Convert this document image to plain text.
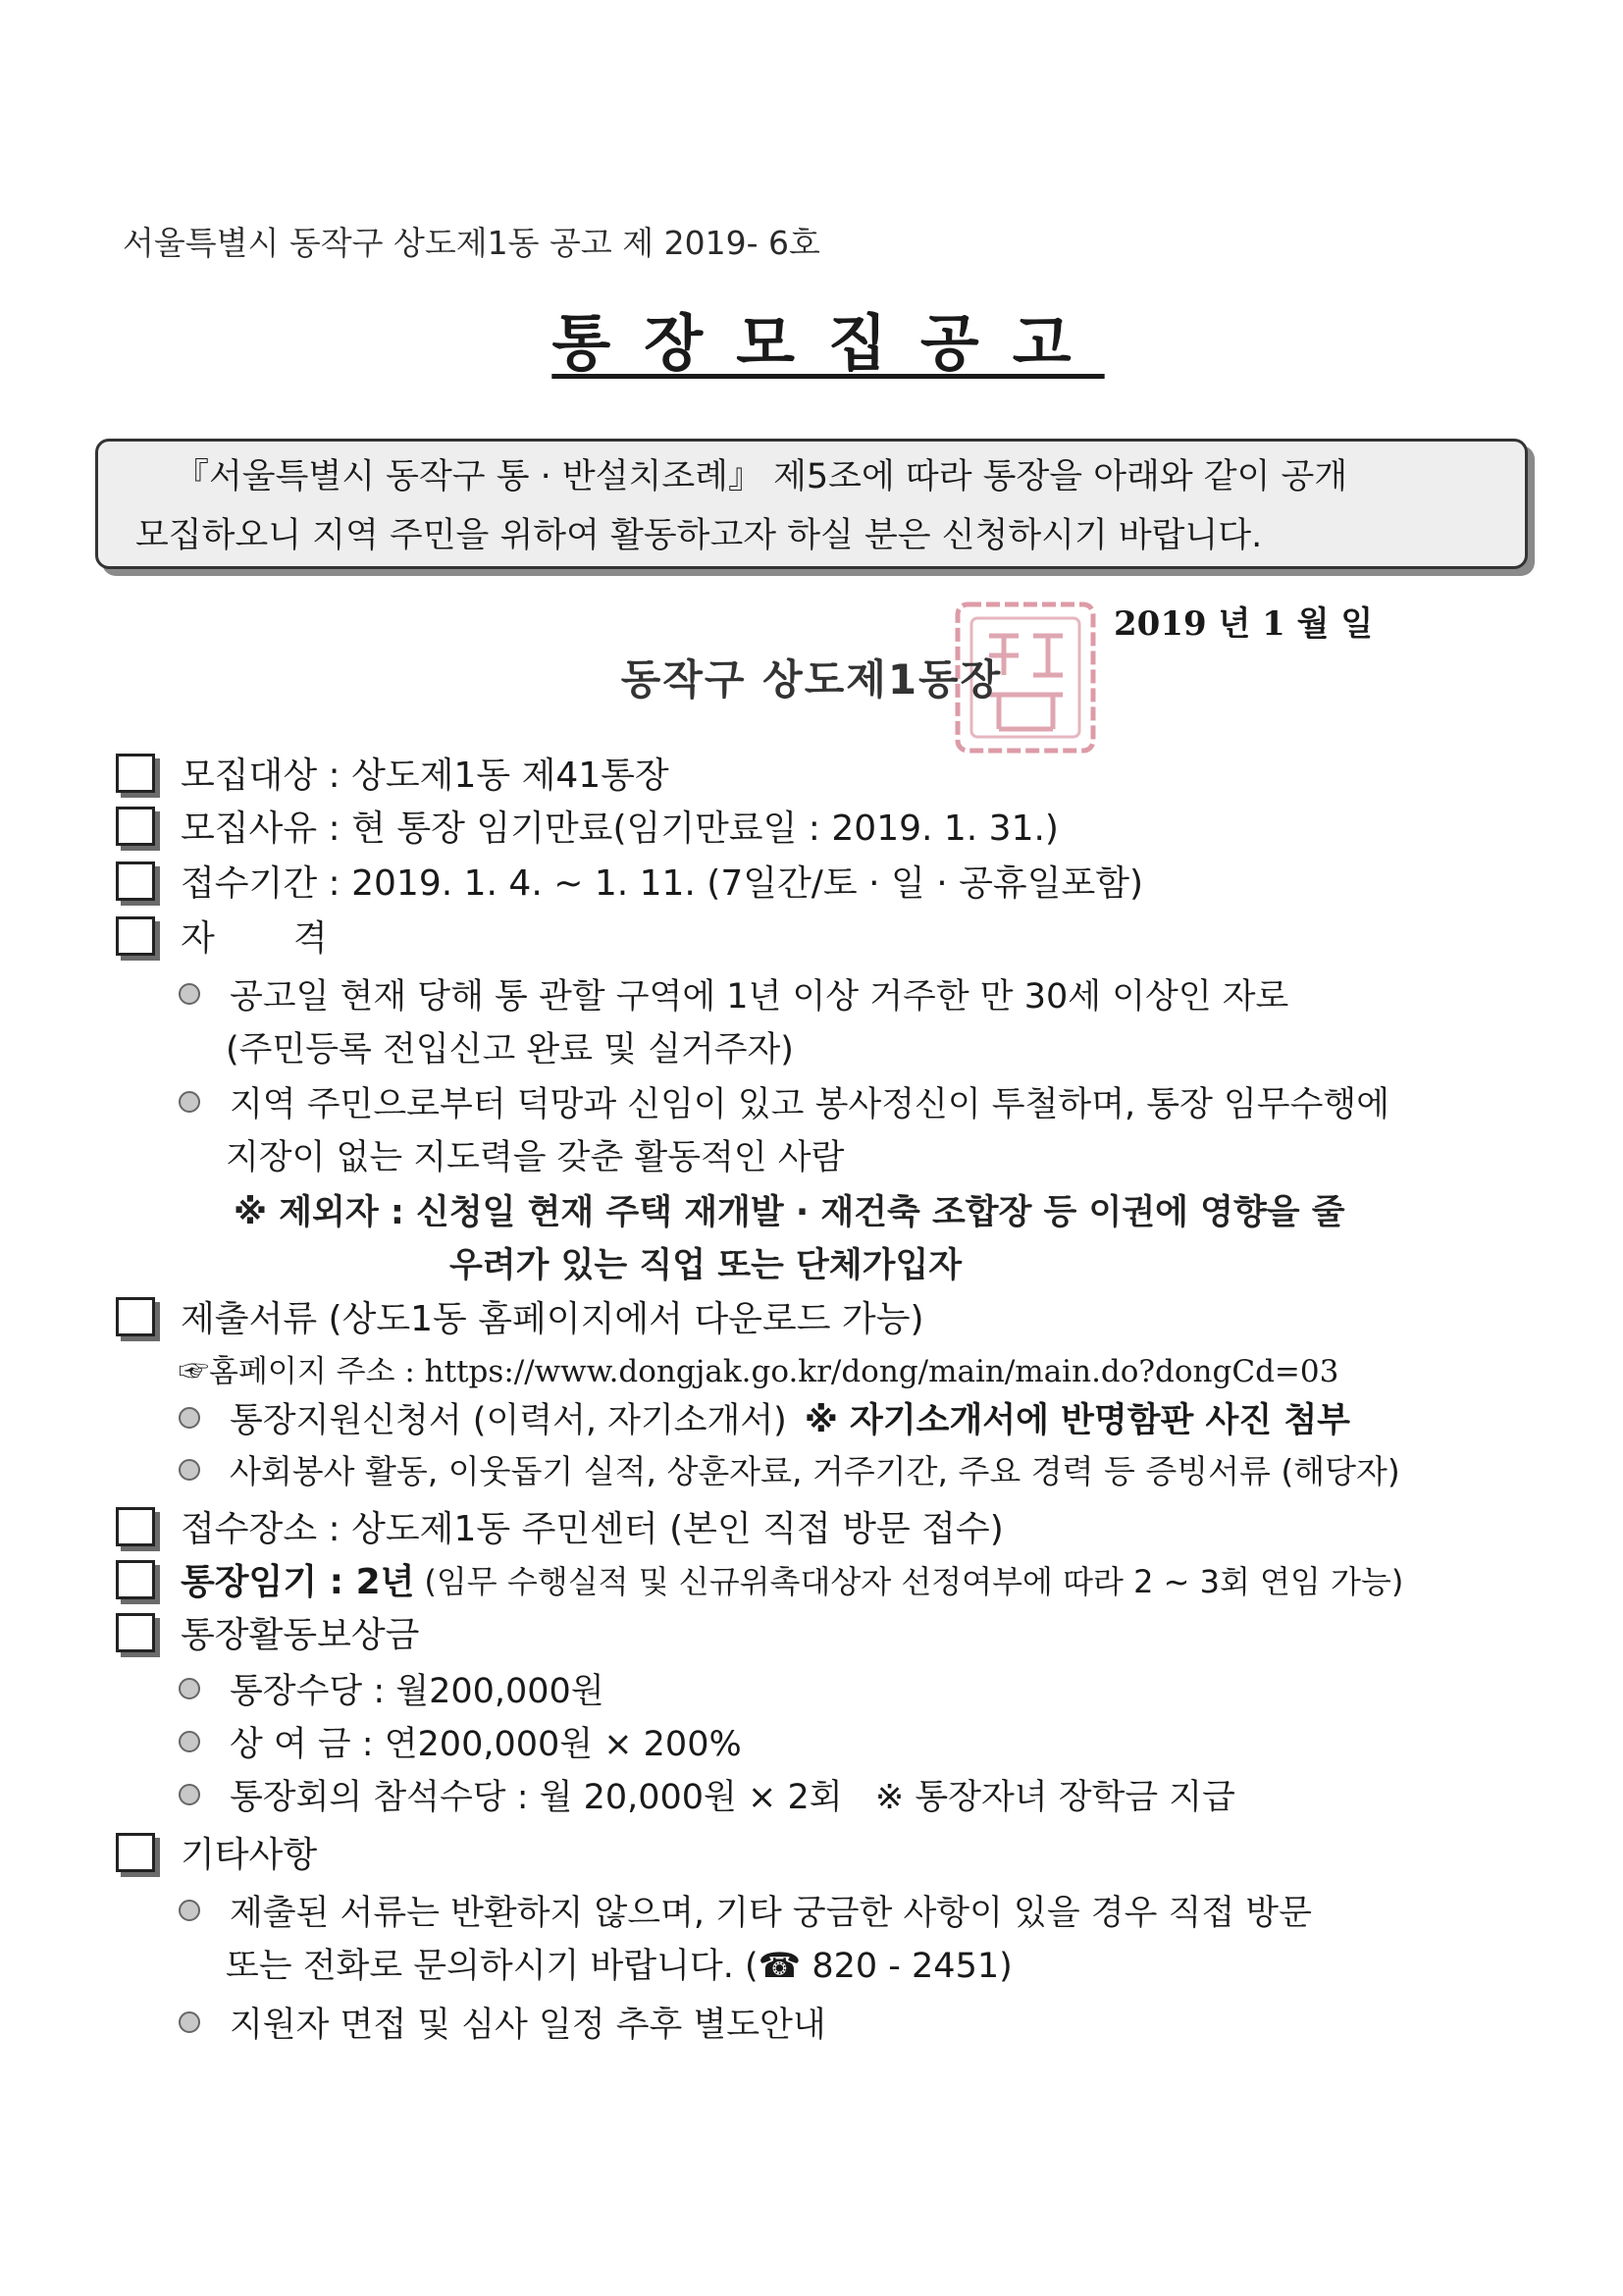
서울특별시 동작구 상도제1동 공고 제 2019- 6호
통장모집공고
『서울특별시 동작구 통 · 반설치조례』 제5조에 따라 통장을 아래와 같이 공개
모집하오니 지역 주민을 위하여 활동하고자 하실 분은 신청하시기 바랍니다.
2019 년 1 월 일
동작구 상도제1동장
모집대상 : 상도제1동 제41통장
모집사유 : 현 통장 임기만료(임기만료일 : 2019. 1. 31.)
접수기간 : 2019. 1. 4. ~ 1. 11. (7일간/토 · 일 · 공휴일포함)
자       격
공고일 현재 당해 통 관할 구역에 1년 이상 거주한 만 30세 이상인 자로
(주민등록 전입신고 완료 및 실거주자)
지역 주민으로부터 덕망과 신임이 있고 봉사정신이 투철하며, 통장 임무수행에
지장이 없는 지도력을 갖춘 활동적인 사람
※ 제외자 : 신청일 현재 주택 재개발 · 재건축 조합장 등 이권에 영향을 줄
우려가 있는 직업 또는 단체가입자
제출서류 (상도1동 홈페이지에서 다운로드 가능)
☞홈페이지 주소 : https://www.dongjak.go.kr/dong/main/main.do?dongCd=03
통장지원신청서 (이력서, 자기소개서) ※ 자기소개서에 반명함판 사진 첨부
사회봉사 활동, 이웃돕기 실적, 상훈자료, 거주기간, 주요 경력 등 증빙서류 (해당자)
접수장소 : 상도제1동 주민센터 (본인 직접 방문 접수)
통장임기 : 2년 (임무 수행실적 및 신규위촉대상자 선정여부에 따라 2 ~ 3회 연임 가능)
통장활동보상금
통장수당 : 월200,000원
상 여 금 : 연200,000원 × 200%
통장회의 참석수당 : 월 20,000원 × 2회   ※ 통장자녀 장학금 지급
기타사항
제출된 서류는 반환하지 않으며, 기타 궁금한 사항이 있을 경우 직접 방문
또는 전화로 문의하시기 바랍니다. (☎ 820 - 2451)
지원자 면접 및 심사 일정 추후 별도안내
